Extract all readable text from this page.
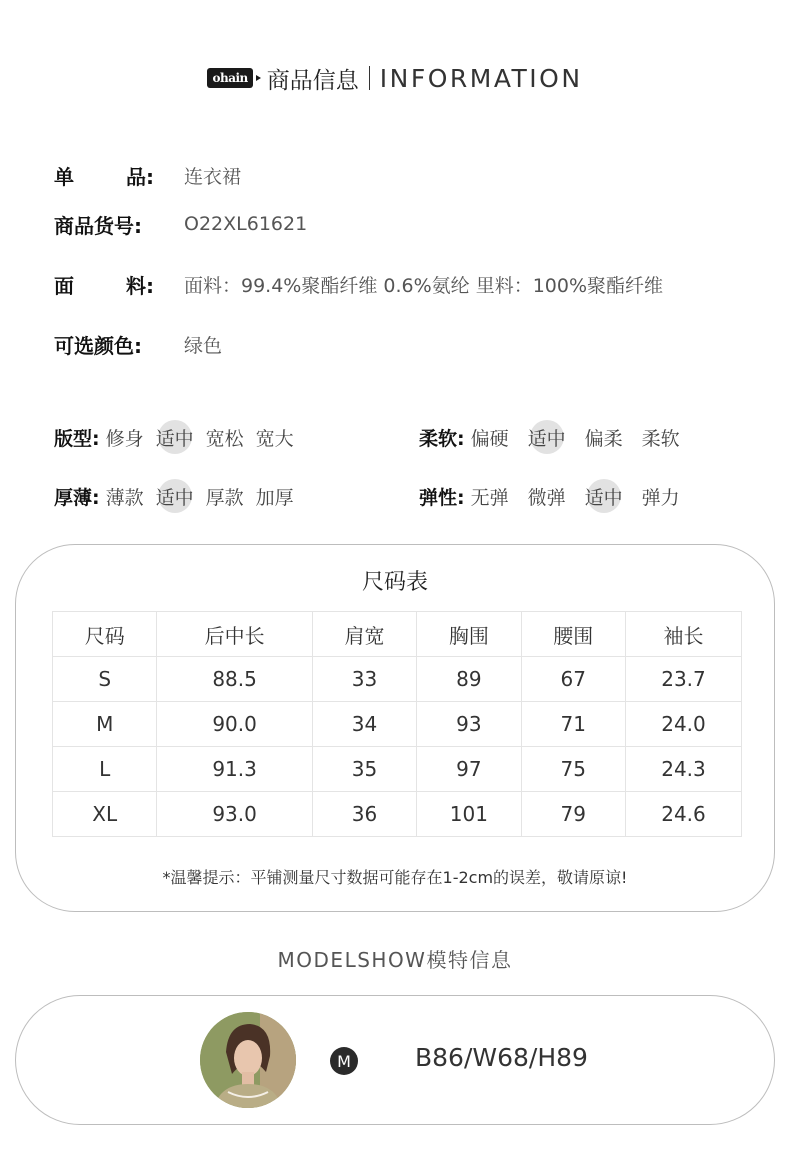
ohain 商品信息 INFORMATION
单	品: 连衣裙
商品货号: O22XL61621
面	料: 面料：99.4%聚酯纤维 0.6%氨纶 里料：100%聚酯纤维
可选颜色: 绿色
版型: 修身 适中 宽松 宽大	柔软: 偏硬 适中 偏柔 柔软
厚薄: 薄款 适中 厚款 加厚	弹性: 无弹 微弹 适中 弹力
尺码表
尺码	后中长	肩宽	胸围	腰围	袖长
S	88.5	33	89	67	23.7
M	90.0	34	93	71	24.0
L	91.3	35	97	75	24.3
XL	93.0	36	101	79	24.6
*温馨提示：平铺测量尺寸数据可能存在1-2cm的误差，敬请原谅!
MODELSHOW模特信息
M	B86/W68/H89
